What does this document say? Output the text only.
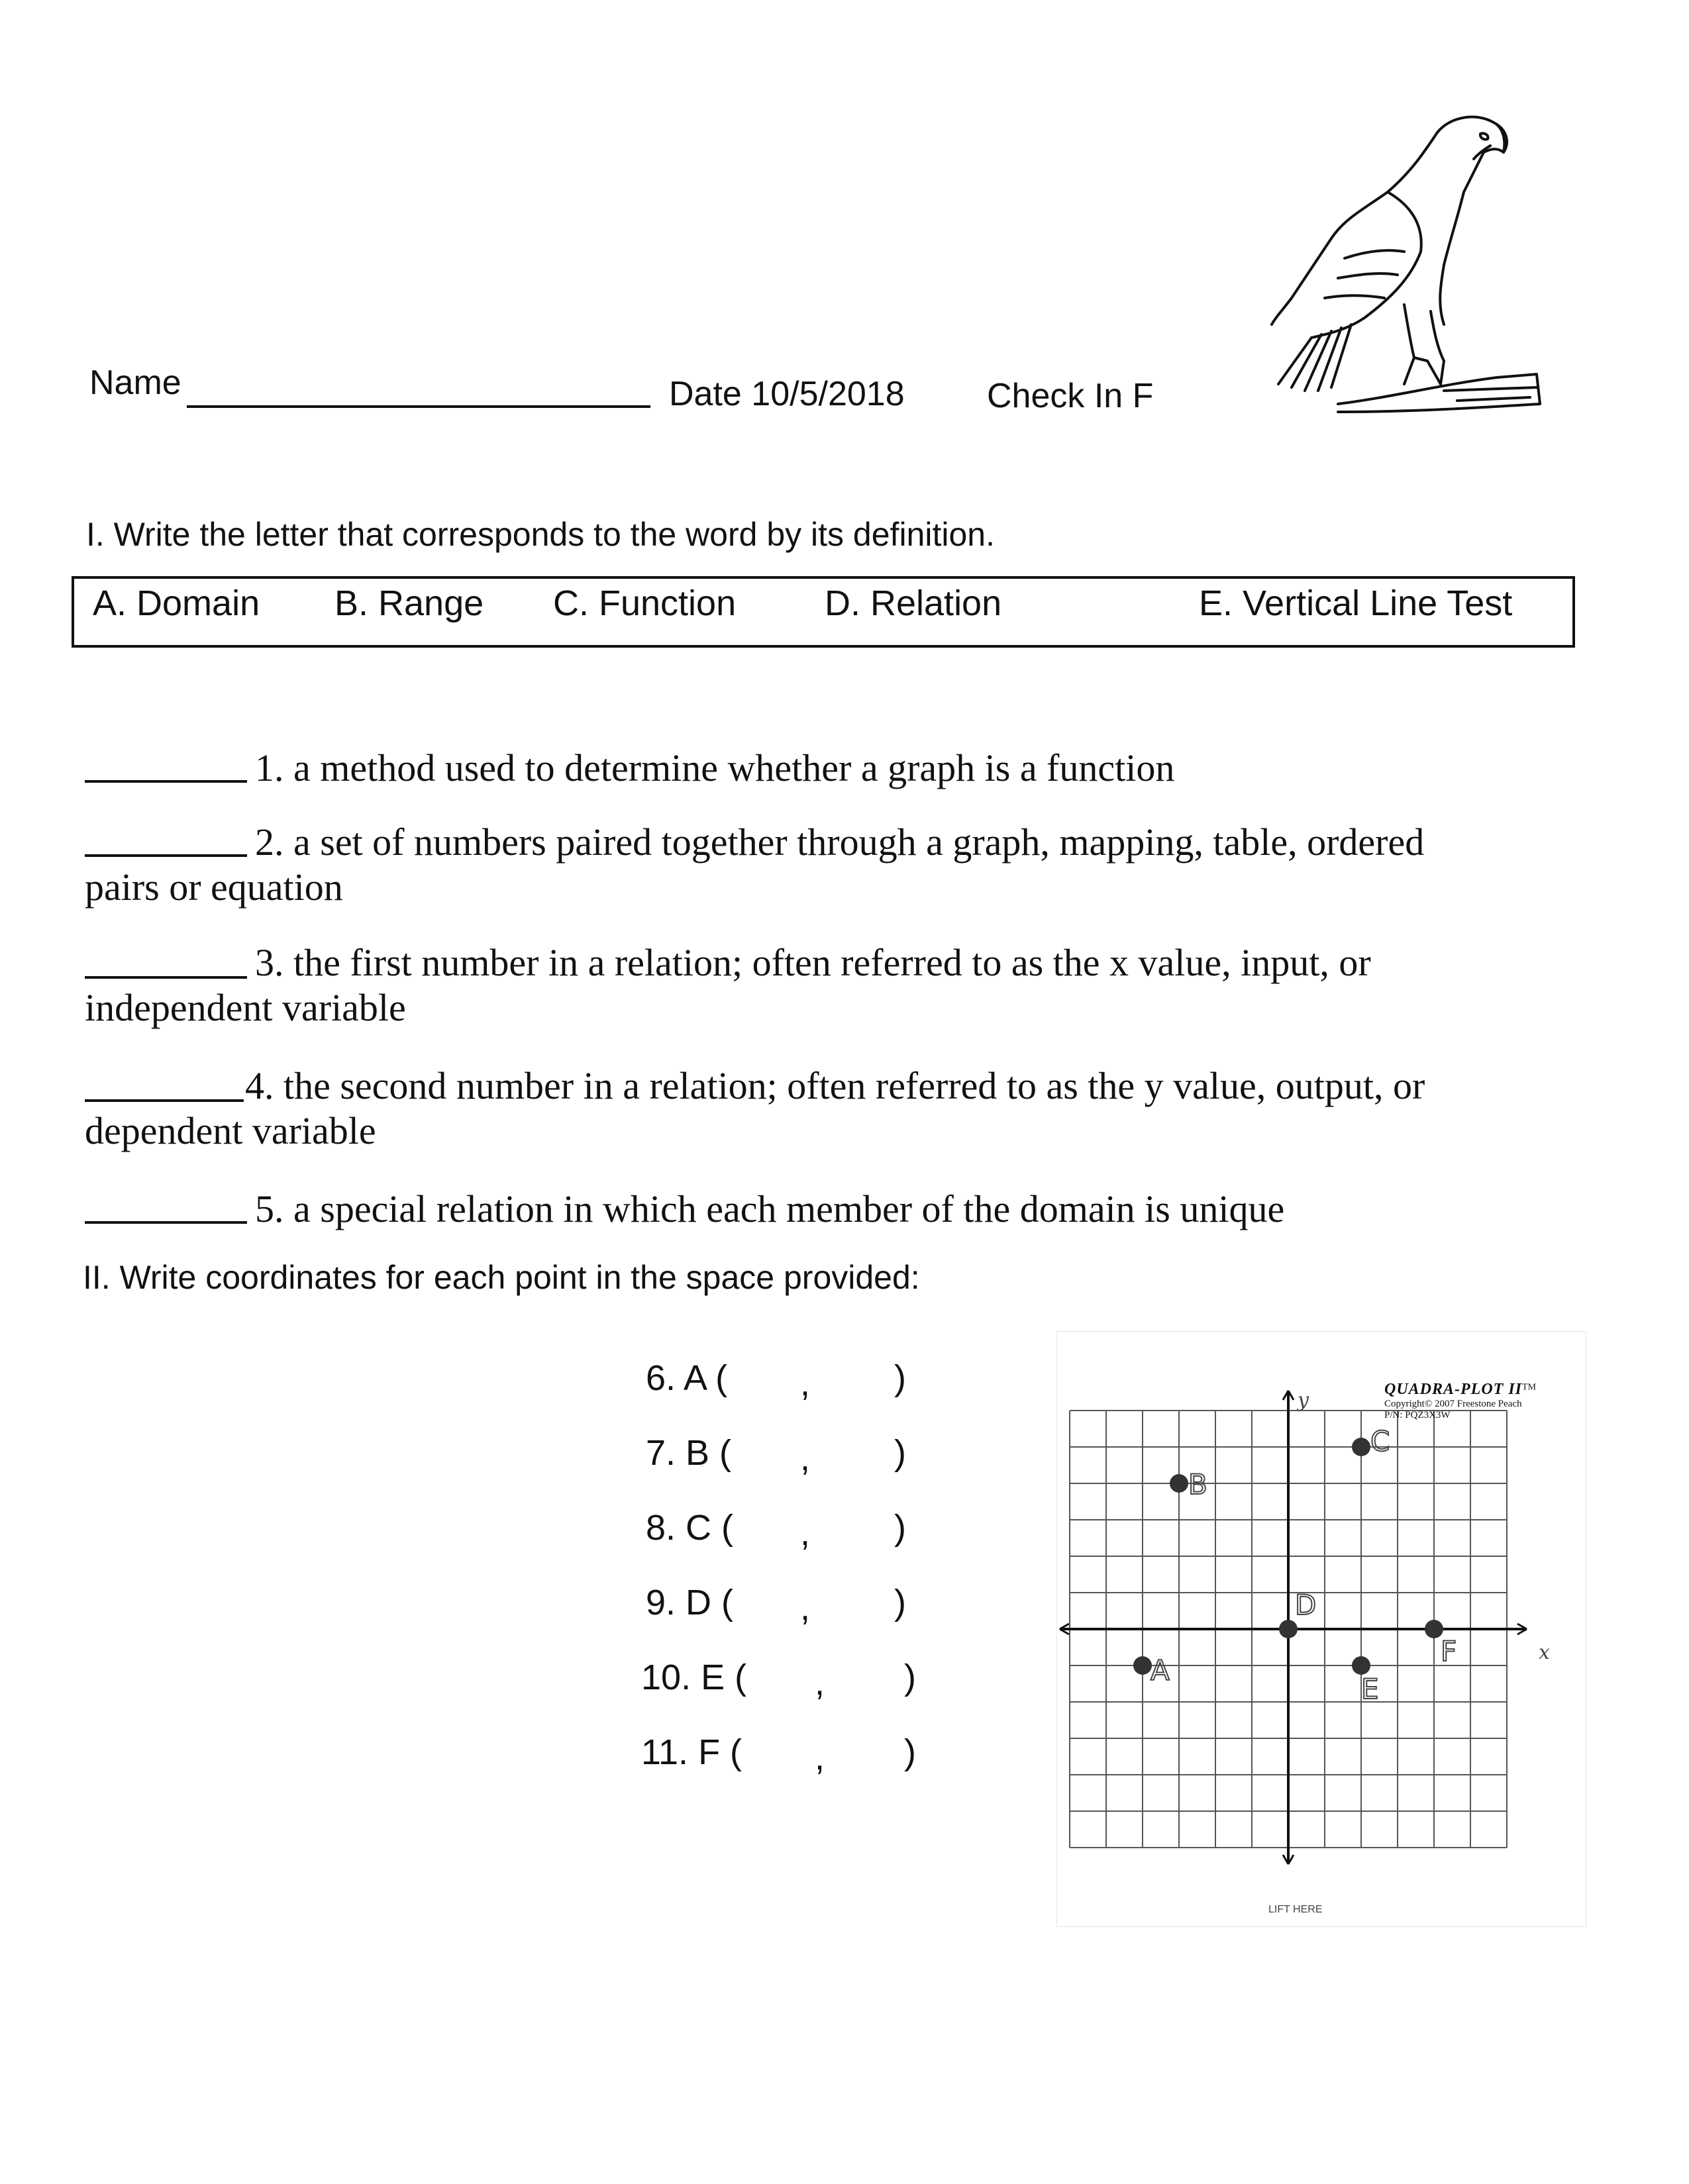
Name	Date 10/5/2018 Check In F
I. Write the letter that corresponds to the word by its definition.
A. Domain B. Range C. Function D. Relation	E. Vertical Line Test
1. a method used to determine whether a graph is a function
2. a set of numbers paired together through a graph, mapping, table, ordered
pairs or equation
3. the first number in a relation; often referred to as the x value, input, or
independent variable
4. the second number in a relation; often referred to as the y value, output, or
dependent variable
5. a special relation in which each member of the domain is unique
II. Write coordinates for each point in the space provided:
6. A ( , )
7. B ( , )
8. C ( , )
9. D ( , )
10. E ( , )
11. F ( , )
x
y
A
B
C
D
E
F
QUADRA-PLOT II™
Copyright© 2007 Freestone Peach
P/N: PQZ3X3W
LIFT HERE
